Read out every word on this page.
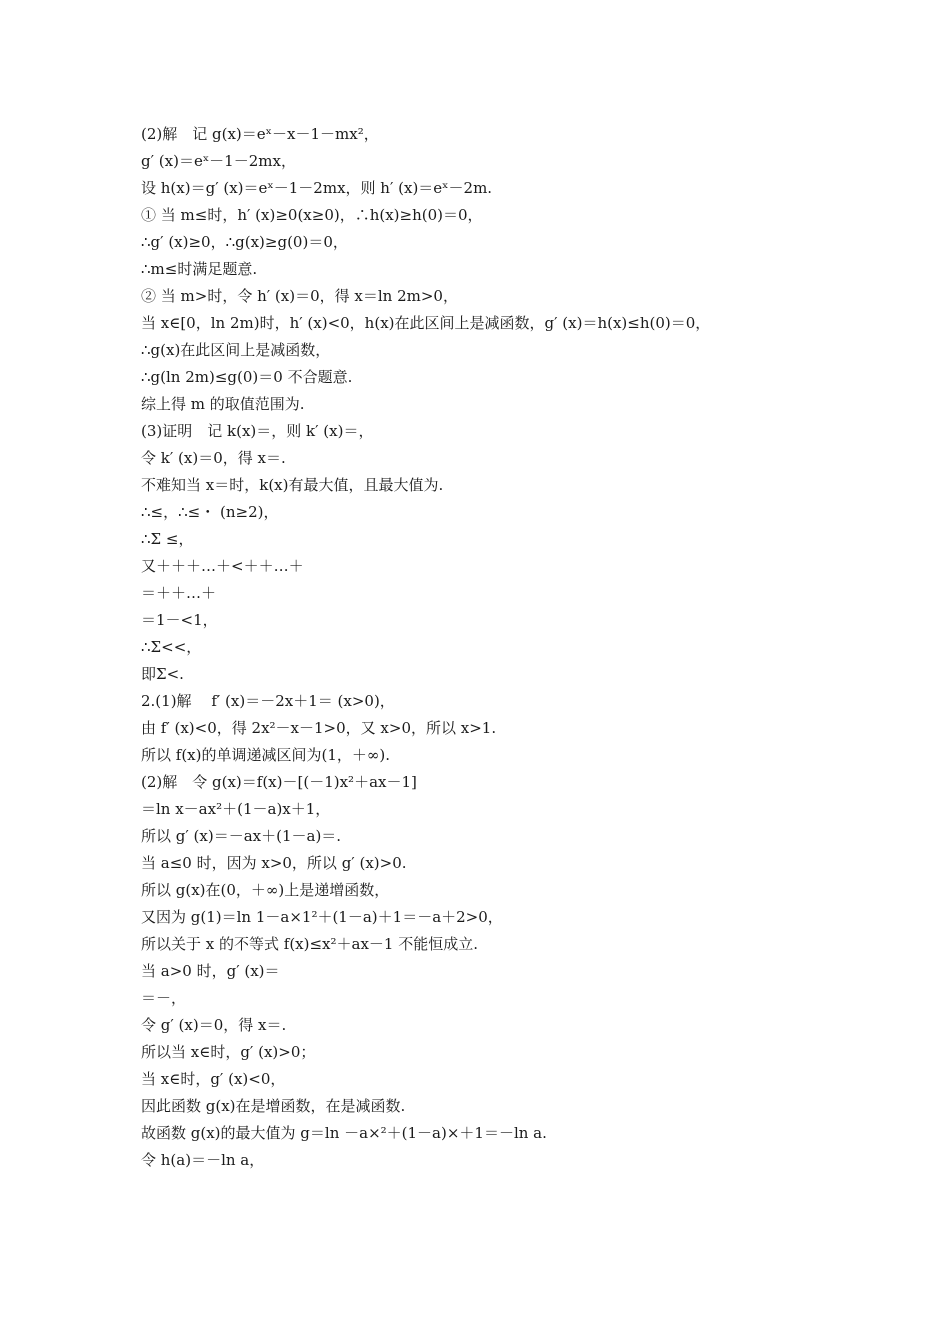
(2)解　记 g(x)＝eˣ－x－1－mx²，
g′ (x)＝eˣ－1－2mx，
设 h(x)＝g′ (x)＝eˣ－1－2mx，则 h′ (x)＝eˣ－2m.
① 当 m≤时，h′ (x)≥0(x≥0)，∴h(x)≥h(0)＝0，
∴g′ (x)≥0，∴g(x)≥g(0)＝0，
∴m≤时满足题意.
② 当 m>时，令 h′ (x)＝0，得 x＝ln 2m>0，
当 x∈[0，ln 2m)时，h′ (x)<0，h(x)在此区间上是减函数，g′ (x)＝h(x)≤h(0)＝0，
∴g(x)在此区间上是减函数，
∴g(ln 2m)≤g(0)＝0 不合题意.
综上得 m 的取值范围为.
(3)证明　记 k(x)＝，则 k′ (x)＝，
令 k′ (x)＝0，得 x＝.
不难知当 x＝时，k(x)有最大值，且最大值为.
∴≤，∴≤・ (n≥2)，
∴Σ ≤，
又＋＋＋…＋<＋＋…＋
＝＋＋…＋
＝1－<1，
∴Σ<<，
即Σ<.
2.(1)解　 f′ (x)＝－2x＋1＝ (x>0)，
由 f′ (x)<0，得 2x²－x－1>0，又 x>0，所以 x>1.
所以 f(x)的单调递减区间为(1，＋∞).
(2)解　令 g(x)＝f(x)－[(－1)x²＋ax－1]
＝ln x－ax²＋(1－a)x＋1，
所以 g′ (x)＝－ax＋(1－a)＝.
当 a≤0 时，因为 x>0，所以 g′ (x)>0.
所以 g(x)在(0，＋∞)上是递增函数，
又因为 g(1)＝ln 1－a×1²＋(1－a)＋1＝－a＋2>0，
所以关于 x 的不等式 f(x)≤x²＋ax－1 不能恒成立.
当 a>0 时，g′ (x)＝
＝－，
令 g′ (x)＝0，得 x＝.
所以当 x∈时，g′ (x)>0；
当 x∈时，g′ (x)<0，
因此函数 g(x)在是增函数，在是减函数.
故函数 g(x)的最大值为 g＝ln －a×²＋(1－a)×＋1＝－ln a.
令 h(a)＝－ln a，
